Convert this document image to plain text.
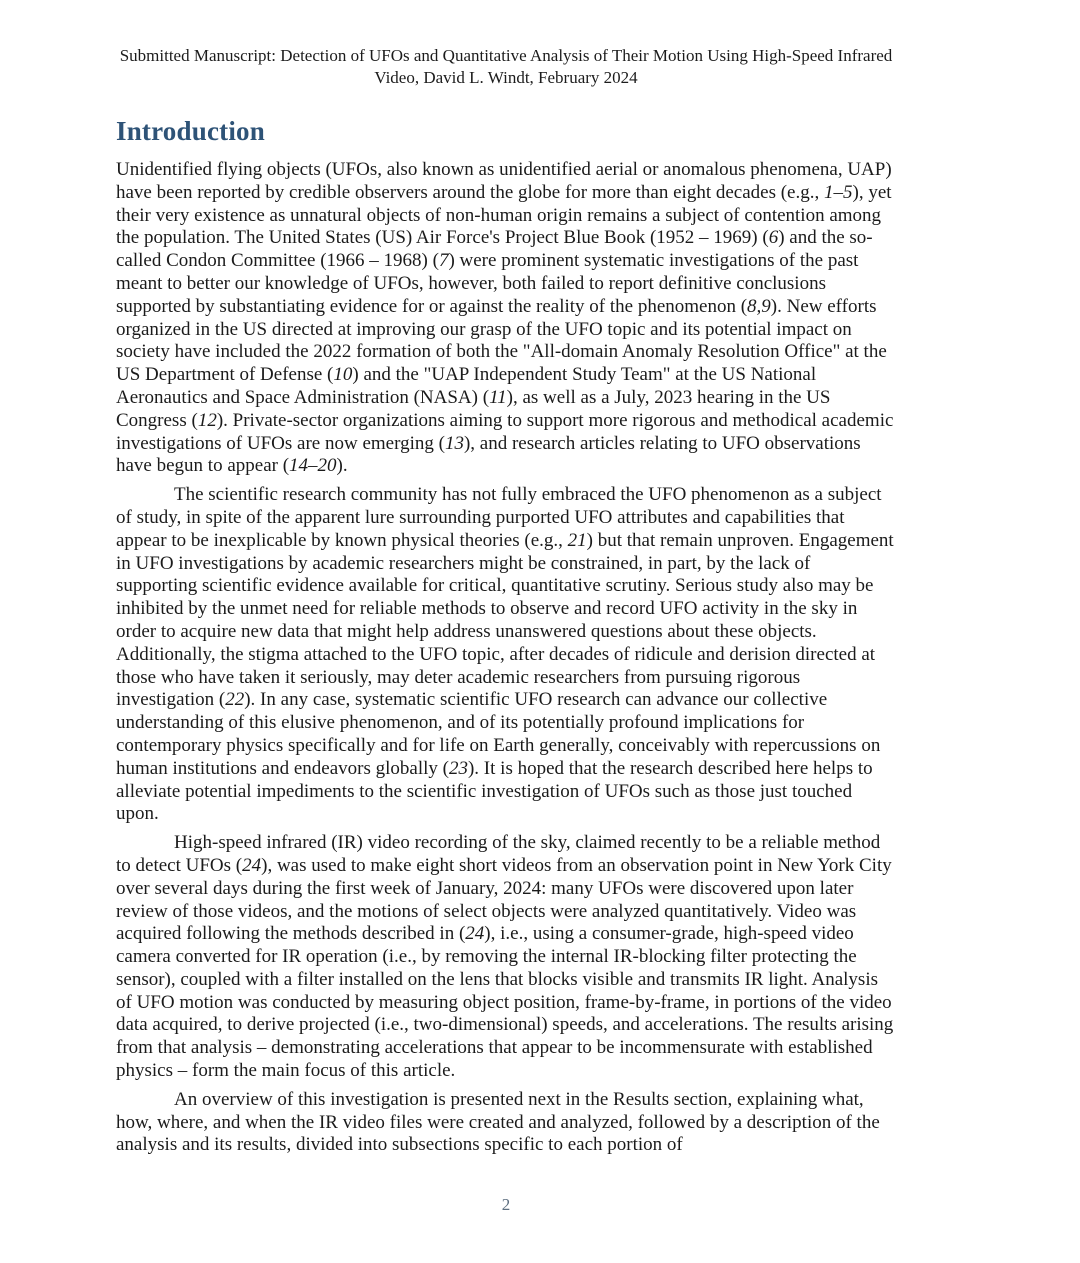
Submitted Manuscript: Detection of UFOs and Quantitative Analysis of Their Motion Using High-Speed Infrared
Video, David L. Windt, February 2024
Introduction

Unidentified flying objects (UFOs, also known as unidentified aerial or anomalous phenomena, UAP) have been reported by credible observers around the globe for more than eight decades (e.g., 1–5), yet their very existence as unnatural objects of non-human origin remains a subject of contention among the population. The United States (US) Air Force's Project Blue Book (1952 – 1969) (6) and the so-called Condon Committee (1966 – 1968) (7) were prominent systematic investigations of the past meant to better our knowledge of UFOs, however, both failed to report definitive conclusions supported by substantiating evidence for or against the reality of the phenomenon (8,9). New efforts organized in the US directed at improving our grasp of the UFO topic and its potential impact on society have included the 2022 formation of both the "All-domain Anomaly Resolution Office" at the US Department of Defense (10) and the "UAP Independent Study Team" at the US National Aeronautics and Space Administration (NASA) (11), as well as a July, 2023 hearing in the US Congress (12). Private-sector organizations aiming to support more rigorous and methodical academic investigations of UFOs are now emerging (13), and research articles relating to UFO observations have begun to appear (14–20).

The scientific research community has not fully embraced the UFO phenomenon as a subject of study, in spite of the apparent lure surrounding purported UFO attributes and capabilities that appear to be inexplicable by known physical theories (e.g., 21) but that remain unproven. Engagement in UFO investigations by academic researchers might be constrained, in part, by the lack of supporting scientific evidence available for critical, quantitative scrutiny. Serious study also may be inhibited by the unmet need for reliable methods to observe and record UFO activity in the sky in order to acquire new data that might help address unanswered questions about these objects. Additionally, the stigma attached to the UFO topic, after decades of ridicule and derision directed at those who have taken it seriously, may deter academic researchers from pursuing rigorous investigation (22). In any case, systematic scientific UFO research can advance our collective understanding of this elusive phenomenon, and of its potentially profound implications for contemporary physics specifically and for life on Earth generally, conceivably with repercussions on human institutions and endeavors globally (23). It is hoped that the research described here helps to alleviate potential impediments to the scientific investigation of UFOs such as those just touched upon.

High-speed infrared (IR) video recording of the sky, claimed recently to be a reliable method to detect UFOs (24), was used to make eight short videos from an observation point in New York City over several days during the first week of January, 2024: many UFOs were discovered upon later review of those videos, and the motions of select objects were analyzed quantitatively. Video was acquired following the methods described in (24), i.e., using a consumer-grade, high-speed video camera converted for IR operation (i.e., by removing the internal IR-blocking filter protecting the sensor), coupled with a filter installed on the lens that blocks visible and transmits IR light. Analysis of UFO motion was conducted by measuring object position, frame-by-frame, in portions of the video data acquired, to derive projected (i.e., two-dimensional) speeds, and accelerations. The results arising from that analysis – demonstrating accelerations that appear to be incommensurate with established physics – form the main focus of this article.

An overview of this investigation is presented next in the Results section, explaining what, how, where, and when the IR video files were created and analyzed, followed by a description of the analysis and its results, divided into subsections specific to each portion of

2
